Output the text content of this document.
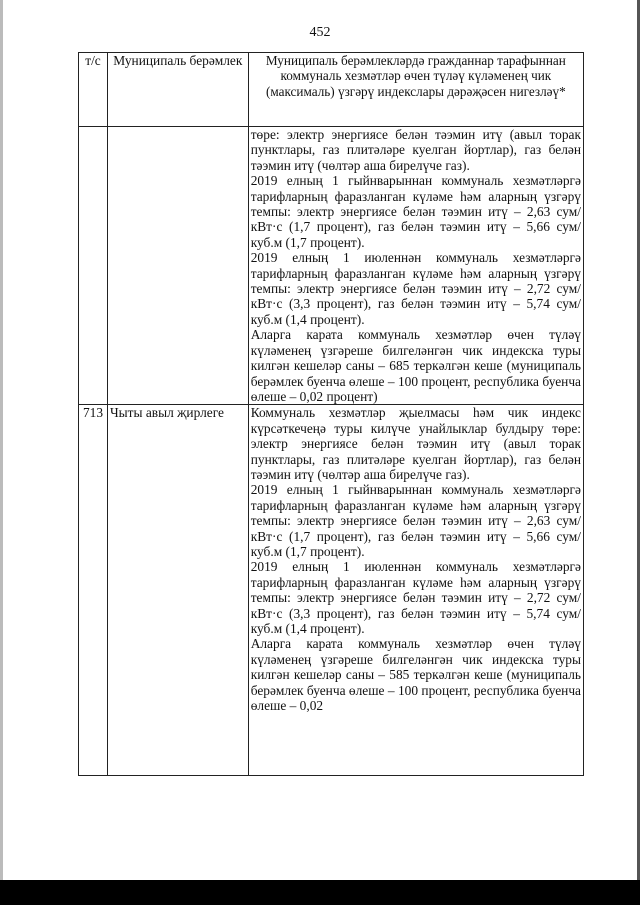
452
т/с	Муниципаль берәмлек	Муниципаль берәмлекләрдә гражданнар тарафыннан коммуналь хезмәтләр өчен түләү күләменең чик (максималь) үзгәрү индекслары дәрәҗәсен нигезләү*

		төре: электр энергиясе белән тәэмин итү (авыл торак пунктлары, газ плитәләре куелган йортлар), газ белән тәэмин итү (чөлтәр аша бирелүче газ).

2019 елның 1 гыйнварыннан коммуналь хезмәтләргә тарифларның фаразланган күләме һәм аларның үзгәрү темпы: электр энергиясе белән тәэмин итү – 2,63 сум/кВт·с (1,7 процент), газ белән тәэмин итү – 5,66 сум/куб.м (1,7 процент).

2019 елның 1 июленнән коммуналь хезмәтләргә тарифларның фаразланган күләме һәм аларның үзгәрү темпы: электр энергиясе белән тәэмин итү – 2,72 сум/кВт·с (3,3 процент), газ белән тәэмин итү – 5,74 сум/куб.м (1,4 процент).

Аларга карата коммуналь хезмәтләр өчен түләү күләменең үзгәреше билгеләнгән чик индекска туры килгән кешеләр саны – 685 теркәлгән кеше (муниципаль берәмлек буенча өлеше – 100 процент, республика буенча өлеше – 0,02 процент)

713	Чыты авыл җирлеге	Коммуналь хезмәтләр җыелмасы һәм чик индекс күрсәткечеңә туры килүче унайлыклар булдыру төре: электр энергиясе белән тәэмин итү (авыл торак пунктлары, газ плитәләре куелган йортлар), газ белән тәэмин итү (чөлтәр аша бирелүче газ).

2019 елның 1 гыйнварыннан коммуналь хезмәтләргә тарифларның фаразланган күләме һәм аларның үзгәрү темпы: электр энергиясе белән тәэмин итү – 2,63 сум/кВт·с (1,7 процент), газ белән тәэмин итү – 5,66 сум/куб.м (1,7 процент).

2019 елның 1 июленнән коммуналь хезмәтләргә тарифларның фаразланган күләме һәм аларның үзгәрү темпы: электр энергиясе белән тәэмин итү – 2,72 сум/кВт·с (3,3 процент), газ белән тәэмин итү – 5,74 сум/куб.м (1,4 процент).

Аларга карата коммуналь хезмәтләр өчен түләү күләменең үзгәреше билгеләнгән чик индекска туры килгән кешеләр саны – 585 теркәлгән кеше (муниципаль берәмлек буенча өлеше – 100 процент, республика буенча өлеше – 0,02
